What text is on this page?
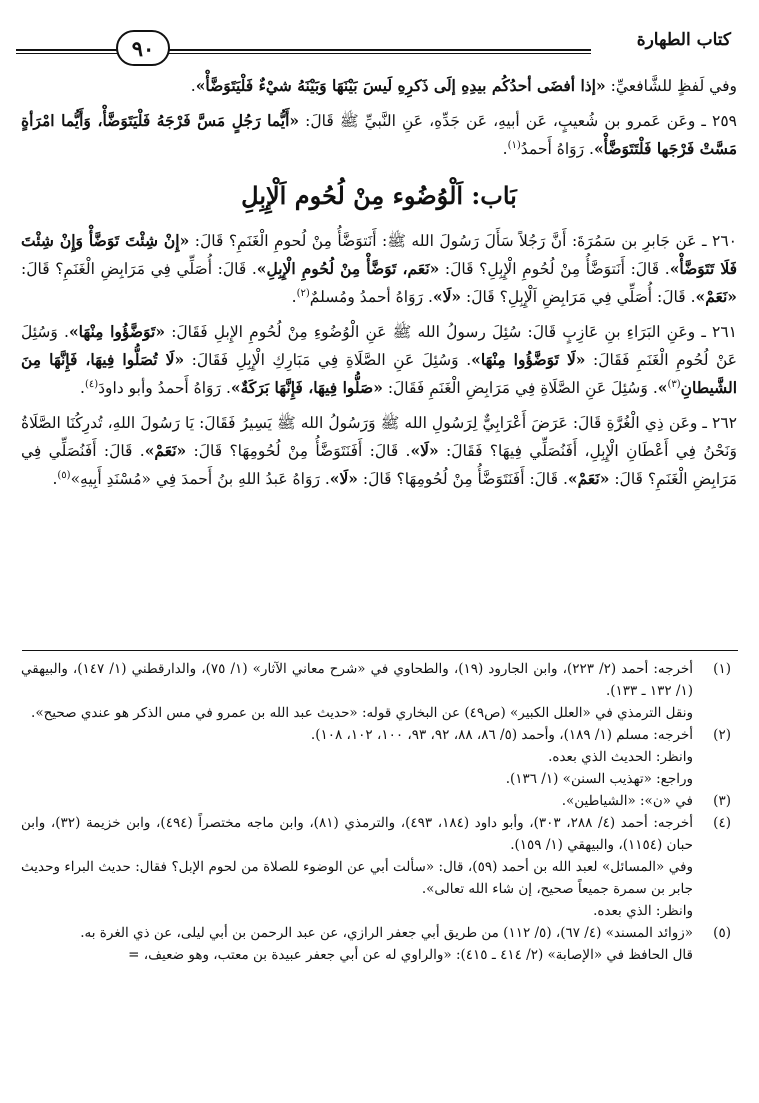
كتاب الطهارة
٩٠

وفي لَفظٍ للشَّافعيِّ: «إذا أفضَى أحدُكُم بيدِهِ إلَى ذَكرِهِ لَيسَ بَيْنَهَا وَبَيْنَهُ شيْءٌ فَلْيَتَوَضَّأْ».

٢٥٩ ـ وعَن عَمرو بن شُعيبٍ، عَن أبيهِ، عَن جَدِّهِ، عَنِ النَّبيِّ ﷺ قَالَ: «أَيُّما رَجُلٍ مَسَّ فَرْجَهُ فَلْيَتَوَضَّأْ، وَأَيُّما امْرَأةٍ مَسَّتْ فَرْجَها فَلْتَتَوَضَّأْ». رَوَاهُ أَحمدُ$^{(١)}$.

بَاب: اَلْوُضُوء مِنْ لُحُوم اَلْإِبِلِ

٢٦٠ ـ عَن جَابرِ بن سَمُرَةَ: أَنَّ رَجُلاً سَأَلَ رَسُولَ الله ﷺ: أَنَتوَضَّأُ مِنْ لُحومِ الْغَنَمِ؟ قَالَ: «إِنْ شِئْتَ تَوَضَّأْ وَإِنْ شِئْتَ فَلَا تَتَوَضَّأْ». قَالَ: أَنَتوَضَّأُ مِنْ لُحُومِ الْإِبِلِ؟ قَالَ: «نَعَم، تَوَضَّأْ مِنْ لُحُومِ الْإِبِلِ». قَالَ: أُصَلِّي فِي مَرَابِضِ الْغَنَمِ؟ قَالَ: «نَعَمْ». قَالَ: أُصَلِّي فِي مَرَابِضِ اَلْإِبِلِ؟ قَالَ: «لَا». رَوَاهُ أحمدُ ومُسلمٌ$^{(٢)}$.

٢٦١ ـ وعَنِ البَرَاءِ بنِ عَازِبٍ قَالَ: سُئِلَ رسولُ الله ﷺ عَنِ الْوُضُوءِ مِنْ لُحُومِ الإِبلِ فَقَالَ: «تَوَضَّؤُوا مِنْهَا». وَسُئِلَ عَنْ لُحُومِ الْغَنَمِ فَقَالَ: «لَا تَوَضَّؤُوا مِنْهَا». وَسُئِلَ عَنِ الصَّلَاةِ فِي مَبَارِكِ الْإِبِلِ فَقَالَ: «لَا تُصَلُّوا فِيهَا، فَإِنَّهَا مِنَ الشَّيطانِ$^{(٣)}$». وَسُئِلَ عَنِ الصَّلَاةِ فِي مَرَابِضِ الْغَنَمِ فَقَالَ: «صَلُّوا فِيهَا، فَإِنَّهَا بَرَكَةٌ». رَوَاهُ أَحمدُ وأبو داودَ$^{(٤)}$.

٢٦٢ ـ وعَن ذِي الْغُرَّةِ قَالَ: عَرَضَ أَعْرَابِيٌّ لِرَسُولِ الله ﷺ وَرَسُولُ الله ﷺ يَسِيرُ فَقَالَ: يَا رَسُولَ اللهِ، تُدرِكُنَا الصَّلَاةُ وَنَحْنُ فِي أَعْطَانِ الْإِبِلِ، أَفَنُصَلِّي فِيهَا؟ فَقَالَ: «لَا». قَالَ: أَفَنَتَوَضَّأُ مِنْ لُحُومِهَا؟ قَالَ: «نَعَمْ». قَالَ: أَفَنُصَلِّي فِي مَرَابِضِ الْغَنَمِ؟ قَالَ: «نَعَمْ». قَالَ: أَفَنَتَوَضَّأُ مِنْ لُحُومِهَا؟ قَالَ: «لَا». رَوَاهُ عَبدُ اللهِ بنُ أَحمدَ فِي «مُسْنَدِ أَبِيهِ»$^{(٥)}$.

(١)
أخرجه: أحمد (٢/ ٢٢٣)، وابن الجارود (١٩)، والطحاوي في «شرح معاني الآثار» (١/ ٧٥)، والدارقطني (١/ ١٤٧)، والبيهقي (١/ ١٣٢ ـ ١٣٣).
ونقل الترمذي في «العلل الكبير» (ص٤٩) عن البخاري قوله: «حديث عبد الله بن عمرو في مس الذكر هو عندي صحيح».
(٢)
أخرجه: مسلم (١/ ١٨٩)، وأحمد (٥/ ٨٦، ٨٨، ٩٢، ٩٣، ١٠٠، ١٠٢، ١٠٨).
وانظر: الحديث الذي بعده.
وراجع: «تهذيب السنن» (١/ ١٣٦).
(٣)
في «ن»: «الشياطين».
(٤)
أخرجه: أحمد (٤/ ٢٨٨، ٣٠٣)، وأبو داود (١٨٤، ٤٩٣)، والترمذي (٨١)، وابن ماجه مختصراً (٤٩٤)، وابن خزيمة (٣٢)، وابن حبان (١١٥٤)، والبيهقي (١/ ١٥٩).
وفي «المسائل» لعبد الله بن أحمد (٥٩)، قال: «سألت أبي عن الوضوء للصلاة من لحوم الإبل؟ فقال: حديث البراء وحديث جابر بن سمرة جميعاً صحيح، إن شاء الله تعالى».
وانظر: الذي بعده.
(٥)
«زوائد المسند» (٤/ ٦٧)، (٥/ ١١٢) من طريق أبي جعفر الرازي، عن عبد الرحمن بن أبي ليلى، عن ذي الغرة به.
قال الحافظ في «الإصابة» (٢/ ٤١٤ ـ ٤١٥): «والراوي له عن أبي جعفر عبيدة بن معتب، وهو ضعيف، =
